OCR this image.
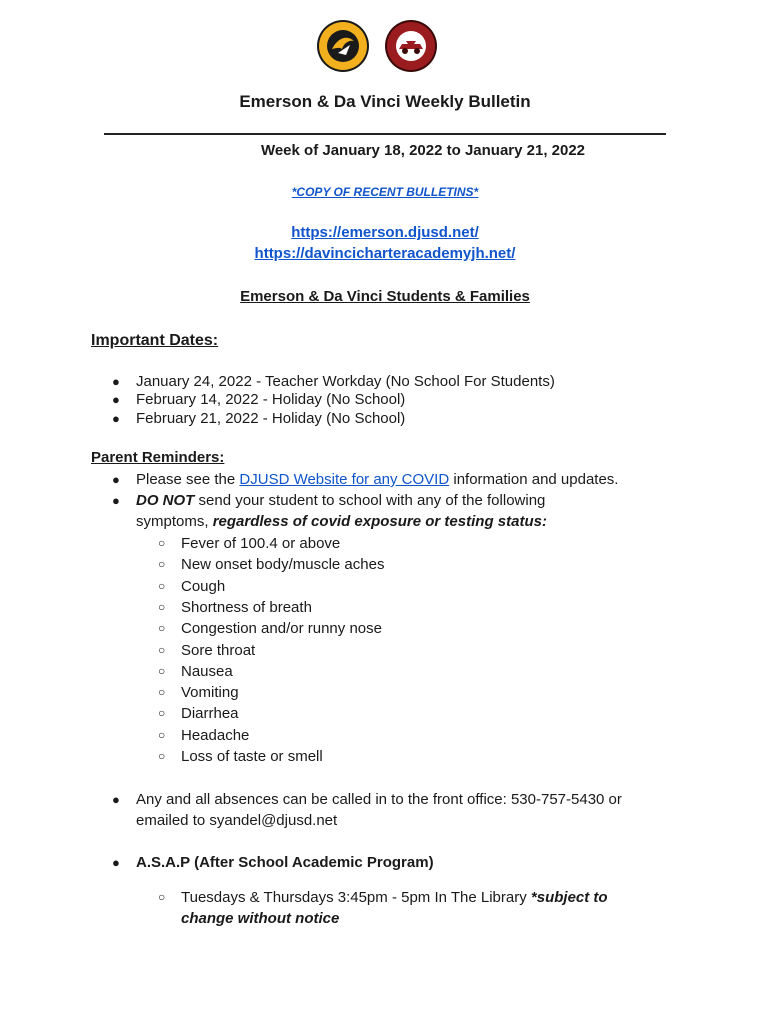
Emerson & Da Vinci Weekly Bulletin
Week of January 18, 2022 to January 21, 2022
*COPY OF RECENT BULLETINS*
https://emerson.djusd.net/
https://davincicharteracademyjh.net/
Emerson & Da Vinci Students & Families
Important Dates:
● January 24, 2022 - Teacher Workday (No School For Students)
● February 14, 2022 - Holiday (No School)
● February 21, 2022 - Holiday (No School)
Parent Reminders:
● Please see the DJUSD Website for any COVID information and updates.
● DO NOT send your student to school with any of the following
symptoms, regardless of covid exposure or testing status:
○ Fever of 100.4 or above
○ New onset body/muscle aches
○ Cough
○ Shortness of breath
○ Congestion and/or runny nose
○ Sore throat
○ Nausea
○ Vomiting
○ Diarrhea
○ Headache
○ Loss of taste or smell
● Any and all absences can be called in to the front office: 530-757-5430 or
emailed to syandel@djusd.net
● A.S.A.P (After School Academic Program)
○ Tuesdays & Thursdays 3:45pm - 5pm In The Library *subject to
change without notice
